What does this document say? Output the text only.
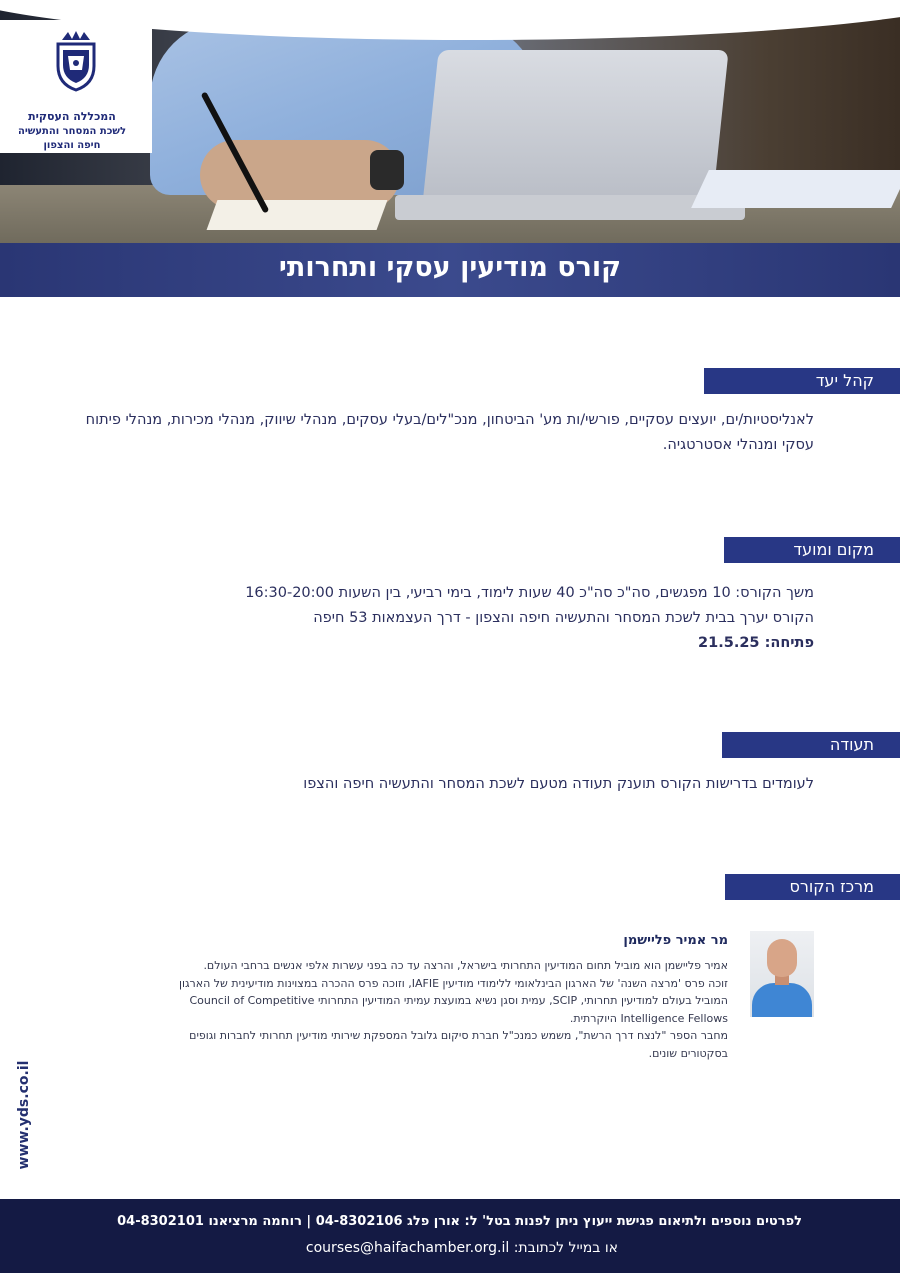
המכללה העסקית
לשכת המסחר והתעשיה
חיפה והצפון
קורס מודיעין עסקי ותחרותי
קהל יעד
לאנליסטיות/ים, יועצים עסקיים, פורשי/ות מע' הביטחון, מנכ"לים/בעלי עסקים, מנהלי שיווק, מנהלי מכירות, מנהלי פיתוח עסקי ומנהלי אסטרטגיה.
מקום ומועד
משך הקורס: 10 מפגשים, סה"כ סה"כ 40 שעות לימוד, בימי רביעי, בין השעות 16:30-20:00
הקורס יערך בבית לשכת המסחר והתעשיה חיפה והצפון - דרך העצמאות 53 חיפה
פתיחה: 21.5.25
תעודה
לעומדים בדרישות הקורס תוענק תעודה מטעם לשכת המסחר והתעשיה חיפה והצפו
מרכז הקורס
מר אמיר פליישמן
אמיר פליישמן הוא מוביל תחום המודיעין התחרותי בישראל, והרצה עד כה בפני עשרות אלפי אנשים ברחבי העולם.
זוכה פרס 'מרצה השנה' של הארגון הבינלאומי ללימודי מודיעין IAFIE, וזוכה פרס ההכרה במצוינות מודיעינית של הארגון
המוביל בעולם למודיעין תחרותי, SCIP, עמית וסגן נשיא במועצת עמיתי המודיעין התחרותי Council of Competitive
Intelligence Fellows היוקרתית.
מחבר הספר "לנצח דרך הרשת", משמש כמנכ"ל חברת סיקום גלובל המספקת שירותי מודיעין תחרותי לחברות וגופים
בסקטורים שונים.
www.yds.co.il
לפרטים נוספים ולתיאום פגישת ייעוץ ניתן לפנות בטל' ל: אורן פלג 04-8302106 | רוחמה מרציאנו 04-8302101
או במייל לכתובת: courses@haifachamber.org.il
